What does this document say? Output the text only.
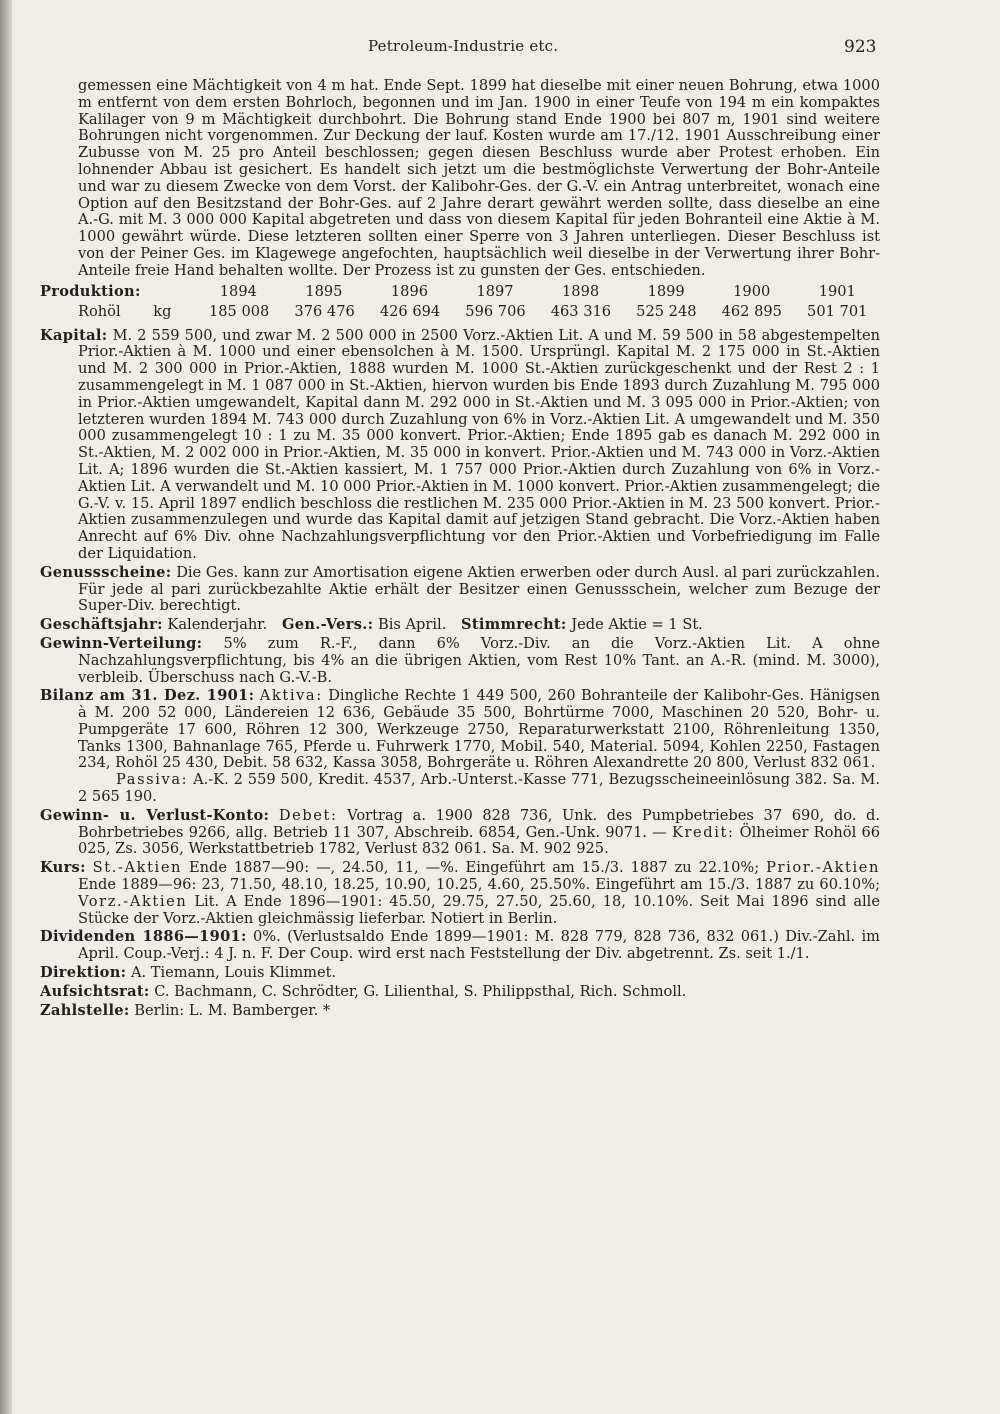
Petroleum-Industrie etc.	923

gemessen eine Mächtigkeit von 4 m hat. Ende Sept. 1899 hat dieselbe mit einer neuen Bohrung, etwa 1000 m entfernt von dem ersten Bohrloch, begonnen und im Jan. 1900 in einer Teufe von 194 m ein kompaktes Kalilager von 9 m Mächtigkeit durchbohrt. Die Bohrung stand Ende 1900 bei 807 m, 1901 sind weitere Bohrungen nicht vorgenommen. Zur Deckung der lauf. Kosten wurde am 17./12. 1901 Ausschreibung einer Zubusse von M. 25 pro Anteil beschlossen; gegen diesen Beschluss wurde aber Protest erhoben. Ein lohnender Abbau ist gesichert. Es handelt sich jetzt um die bestmöglichste Verwertung der Bohr-Anteile und war zu diesem Zwecke von dem Vorst. der Kalibohr-Ges. der G.-V. ein Antrag unterbreitet, wonach eine Option auf den Besitzstand der Bohr-Ges. auf 2 Jahre derart gewährt werden sollte, dass dieselbe an eine A.-G. mit M. 3 000 000 Kapital abgetreten und dass von diesem Kapital für jeden Bohranteil eine Aktie à M. 1000 gewährt würde. Diese letzteren sollten einer Sperre von 3 Jahren unterliegen. Dieser Beschluss ist von der Peiner Ges. im Klagewege angefochten, hauptsächlich weil dieselbe in der Verwertung ihrer Bohr-Anteile freie Hand behalten wollte. Der Prozess ist zu gunsten der Ges. entschieden.

Produktion:	1894	1895	1896	1897	1898	1899	1900	1901
Rohöl kg	185 008	376 476	426 694	596 706	463 316	525 248	462 895	501 701

Kapital: M. 2 559 500, und zwar M. 2 500 000 in 2500 Vorz.-Aktien Lit. A und M. 59 500 in 58 abgestempelten Prior.-Aktien à M. 1000 und einer ebensolchen à M. 1500. Ursprüngl. Kapital M. 2 175 000 in St.-Aktien und M. 2 300 000 in Prior.-Aktien, 1888 wurden M. 1000 St.-Aktien zurückgeschenkt und der Rest 2 : 1 zusammengelegt in M. 1 087 000 in St.-Aktien, hiervon wurden bis Ende 1893 durch Zuzahlung M. 795 000 in Prior.-Aktien umgewandelt, Kapital dann M. 292 000 in St.-Aktien und M. 3 095 000 in Prior.-Aktien; von letzteren wurden 1894 M. 743 000 durch Zuzahlung von 6% in Vorz.-Aktien Lit. A umgewandelt und M. 350 000 zusammengelegt 10 : 1 zu M. 35 000 konvert. Prior.-Aktien; Ende 1895 gab es danach M. 292 000 in St.-Aktien, M. 2 002 000 in Prior.-Aktien, M. 35 000 in konvert. Prior.-Aktien und M. 743 000 in Vorz.-Aktien Lit. A; 1896 wurden die St.-Aktien kassiert, M. 1 757 000 Prior.-Aktien durch Zuzahlung von 6% in Vorz.-Aktien Lit. A verwandelt und M. 10 000 Prior.-Aktien in M. 1000 konvert. Prior.-Aktien zusammengelegt; die G.-V. v. 15. April 1897 endlich beschloss die restlichen M. 235 000 Prior.-Aktien in M. 23 500 konvert. Prior.-Aktien zusammenzulegen und wurde das Kapital damit auf jetzigen Stand gebracht. Die Vorz.-Aktien haben Anrecht auf 6% Div. ohne Nachzahlungsverpflichtung vor den Prior.-Aktien und Vorbefriedigung im Falle der Liquidation.

Genussscheine: Die Ges. kann zur Amortisation eigene Aktien erwerben oder durch Ausl. al pari zurückzahlen. Für jede al pari zurückbezahlte Aktie erhält der Besitzer einen Genussschein, welcher zum Bezuge der Super-Div. berechtigt.

Geschäftsjahr: Kalenderjahr. Gen.-Vers.: Bis April. Stimmrecht: Jede Aktie = 1 St.

Gewinn-Verteilung: 5% zum R.-F., dann 6% Vorz.-Div. an die Vorz.-Aktien Lit. A ohne Nachzahlungsverpflichtung, bis 4% an die übrigen Aktien, vom Rest 10% Tant. an A.-R. (mind. M. 3000), verbleib. Überschuss nach G.-V.-B.

Bilanz am 31. Dez. 1901: Aktiva: Dingliche Rechte 1 449 500, 260 Bohranteile der Kalibohr-Ges. Hänigsen à M. 200 52 000, Ländereien 12 636, Gebäude 35 500, Bohrtürme 7000, Maschinen 20 520, Bohr- u. Pumpgeräte 17 600, Röhren 12 300, Werkzeuge 2750, Reparaturwerkstatt 2100, Röhrenleitung 1350, Tanks 1300, Bahnanlage 765, Pferde u. Fuhrwerk 1770, Mobil. 540, Material. 5094, Kohlen 2250, Fastagen 234, Rohöl 25 430, Debit. 58 632, Kassa 3058, Bohrgeräte u. Röhren Alexandrette 20 800, Verlust 832 061.

Passiva: A.-K. 2 559 500, Kredit. 4537, Arb.-Unterst.-Kasse 771, Bezugsscheineeinlösung 382. Sa. M. 2 565 190.

Gewinn- u. Verlust-Konto: Debet: Vortrag a. 1900 828 736, Unk. des Pumpbetriebes 37 690, do. d. Bohrbetriebes 9266, allg. Betrieb 11 307, Abschreib. 6854, Gen.-Unk. 9071. — Kredit: Ölheimer Rohöl 66 025, Zs. 3056, Werkstattbetrieb 1782, Verlust 832 061. Sa. M. 902 925.

Kurs: St.-Aktien Ende 1887—90: —, 24.50, 11, —%. Eingeführt am 15./3. 1887 zu 22.10%; Prior.-Aktien Ende 1889—96: 23, 71.50, 48.10, 18.25, 10.90, 10.25, 4.60, 25.50%. Eingeführt am 15./3. 1887 zu 60.10%; Vorz.-Aktien Lit. A Ende 1896—1901: 45.50, 29.75, 27.50, 25.60, 18, 10.10%. Seit Mai 1896 sind alle Stücke der Vorz.-Aktien gleichmässig lieferbar. Notiert in Berlin.

Dividenden 1886—1901: 0%. (Verlustsaldo Ende 1899—1901: M. 828 779, 828 736, 832 061.) Div.-Zahl. im April. Coup.-Verj.: 4 J. n. F. Der Coup. wird erst nach Feststellung der Div. abgetrennt. Zs. seit 1./1.

Direktion: A. Tiemann, Louis Klimmet.

Aufsichtsrat: C. Bachmann, C. Schrödter, G. Lilienthal, S. Philippsthal, Rich. Schmoll.

Zahlstelle: Berlin: L. M. Bamberger. *
